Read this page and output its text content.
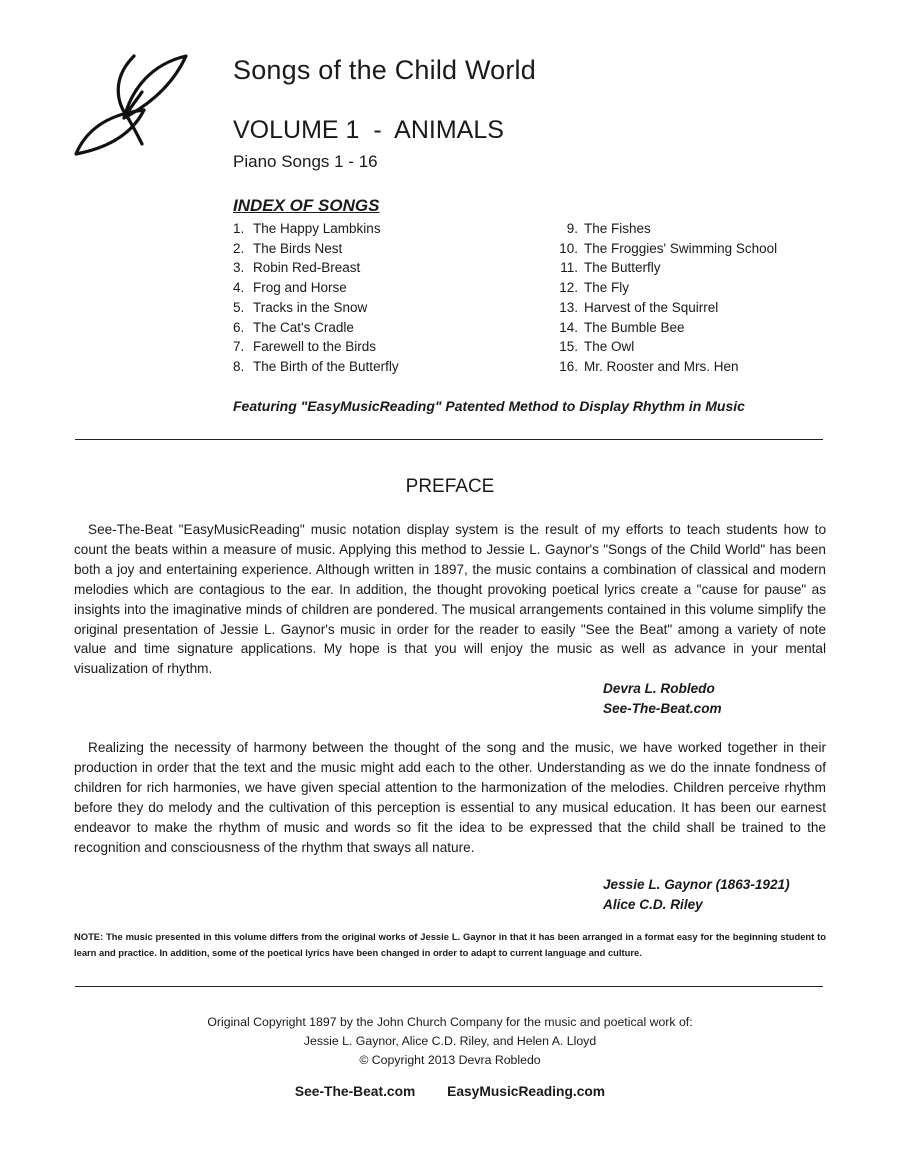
Songs of the Child World
VOLUME 1  -  ANIMALS
Piano Songs 1 - 16
INDEX OF SONGS
1. The Happy Lambkins
2. The Birds Nest
3. Robin Red-Breast
4. Frog and Horse
5. Tracks in the Snow
6. The Cat's Cradle
7. Farewell to the Birds
8. The Birth of the Butterfly
9. The Fishes
10. The Froggies' Swimming School
11. The Butterfly
12. The Fly
13. Harvest of the Squirrel
14. The Bumble Bee
15. The Owl
16. Mr. Rooster and Mrs. Hen
Featuring "EasyMusicReading" Patented Method to Display Rhythm in Music
PREFACE

See-The-Beat "EasyMusicReading" music notation display system is the result of my efforts to teach students how to count the beats within a measure of music. Applying this method to Jessie L. Gaynor's "Songs of the Child World" has been both a joy and entertaining experience. Although written in 1897, the music contains a combination of classical and modern melodies which are contagious to the ear. In addition, the thought provoking poetical lyrics create a "cause for pause" as insights into the imaginative minds of children are pondered. The musical arrangements contained in this volume simplify the original presentation of Jessie L. Gaynor's music in order for the reader to easily "See the Beat" among a variety of note value and time signature applications. My hope is that you will enjoy the music as well as advance in your mental visualization of rhythm.

Devra L. Robledo
See-The-Beat.com

Realizing the necessity of harmony between the thought of the song and the music, we have worked together in their production in order that the text and the music might add each to the other. Understanding as we do the innate fondness of children for rich harmonies, we have given special attention to the harmonization of the melodies. Children perceive rhythm before they do melody and the cultivation of this perception is essential to any musical education. It has been our earnest endeavor to make the rhythm of music and words so fit the idea to be expressed that the child shall be trained to the recognition and consciousness of the rhythm that sways all nature.

Jessie L. Gaynor (1863-1921)
Alice C.D. Riley

NOTE: The music presented in this volume differs from the original works of Jessie L. Gaynor in that it has been arranged in a format easy for the beginning student to learn and practice. In addition, some of the poetical lyrics have been changed in order to adapt to current language and culture.

Original Copyright 1897 by the John Church Company for the music and poetical work of:
Jessie L. Gaynor, Alice C.D. Riley, and Helen A. Lloyd
© Copyright 2013 Devra Robledo
See-The-Beat.com EasyMusicReading.com
